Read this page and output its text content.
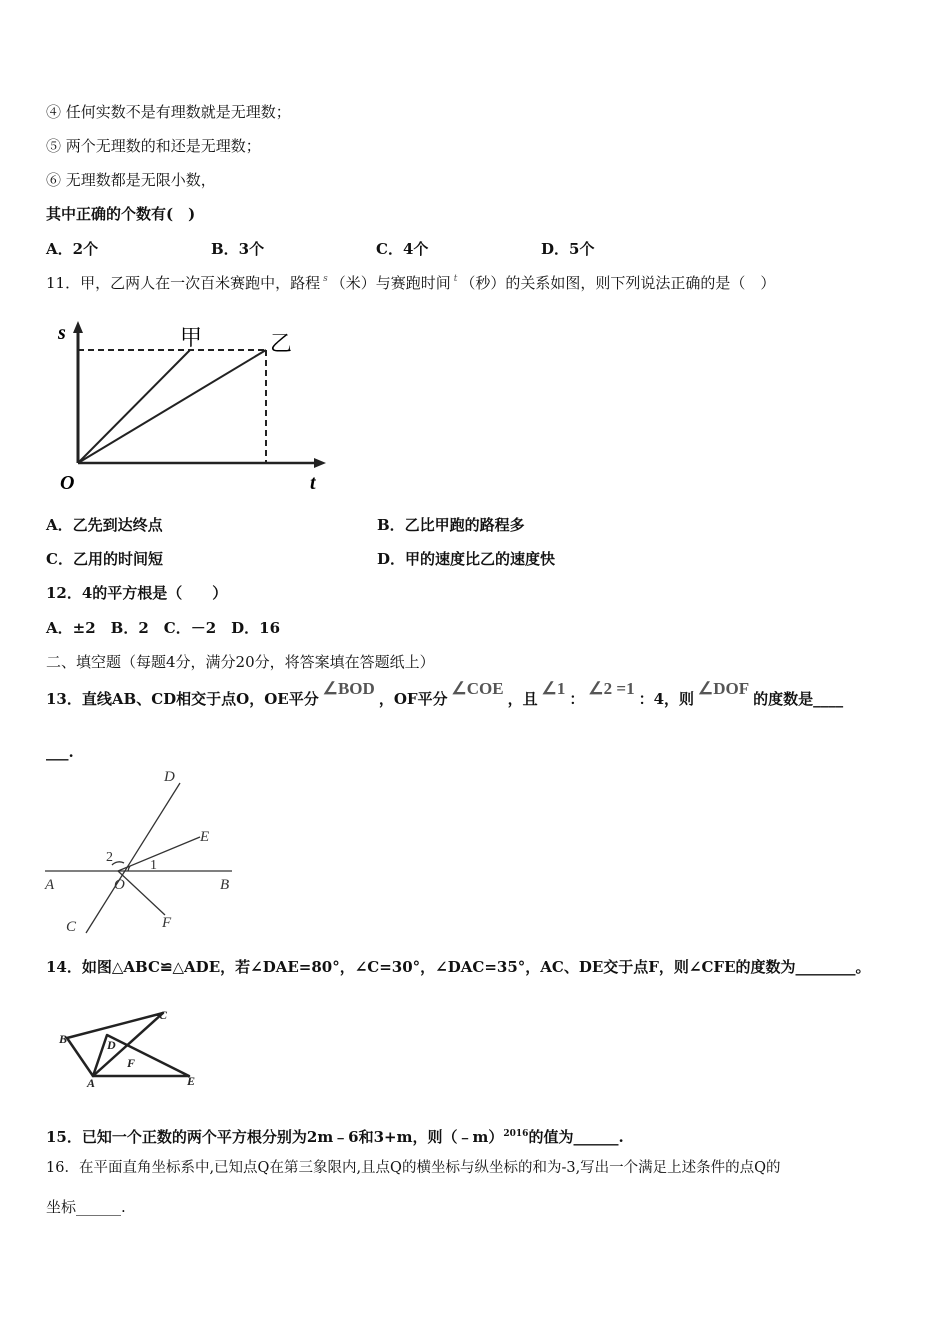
④ 任何实数不是有理数就是无理数；
⑤ 两个无理数的和还是无理数；
⑥ 无理数都是无限小数，
其中正确的个数有(　)
A．2个	B．3个	C．4个	D．5个
11．甲，乙两人在一次百米赛跑中，路程 $^s$ （米）与赛跑时间 $^t$ （秒）的关系如图，则下列说法正确的是（　）
s
t
O
甲	乙
A．乙先到达终点	B．乙比甲跑的路程多
C．乙用的时间短	D．甲的速度比乙的速度快
12．4的平方根是（　　）
A．±2　B．2　C．－2　D．16
二、填空题（每题4分，满分20分，将答案填在答题纸上）
13．直线AB、CD相交于点O，OE平分∠BOD，OF平分∠COE，且∠1：∠2 =1：4，则∠DOF的度数是____
___.
A	B
C
D
E
F
O
1
2
14．如图△ABC≌△ADE，若∠DAE=80°，∠C=30°，∠DAC=35°，AC、DE交于点F，则∠CFE的度数为________。
B
C
D
F
A	E
15．已知一个正数的两个平方根分别为2m﹣6和3+m，则（﹣m）$^{2016}$的值为______.
16．在平面直角坐标系中,已知点Q在第三象限内,且点Q的横坐标与纵坐标的和为-3,写出一个满足上述条件的点Q的
坐标______.
